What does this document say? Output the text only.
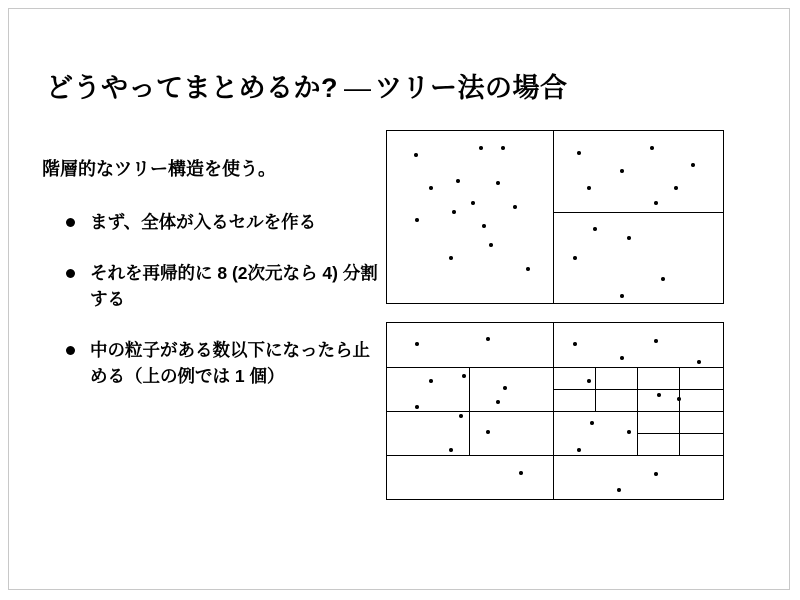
どうやってまとめるか? — ツリー法の場合
階層的なツリー構造を使う。
まず、全体が入るセルを作る
それを再帰的に 8 (2次元なら 4) 分割する
中の粒子がある数以下になったら止める（上の例では 1 個）
